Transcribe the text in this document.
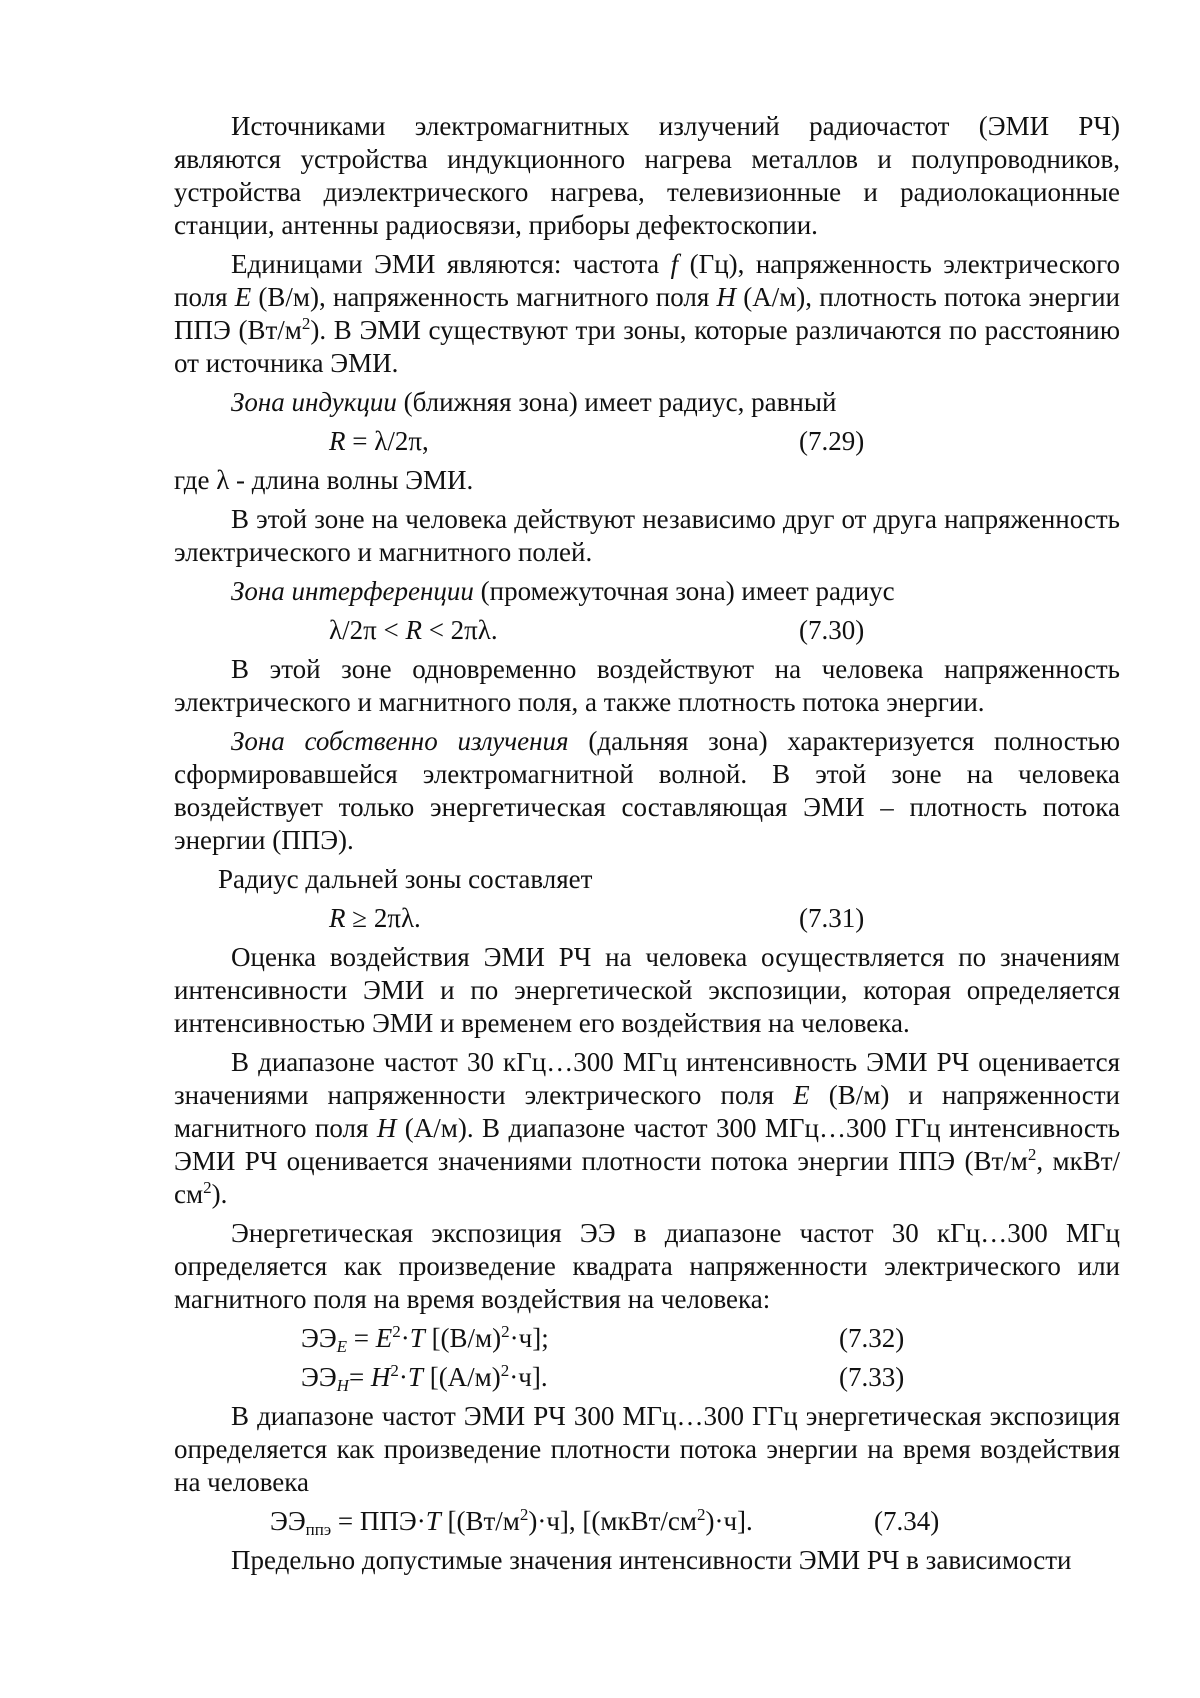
Источниками электромагнитных излучений радиочастот (ЭМИ РЧ) являются устройства индукционного нагрева металлов и полупроводников, устройства диэлектрического нагрева, телевизионные и радиолокационные станции, антенны радиосвязи, приборы дефектоскопии.

Единицами ЭМИ являются: частота f (Гц), напряженность электрического поля E (В/м), напряженность магнитного поля H (А/м), плотность потока энергии ППЭ $(Вт/м^2)$. В ЭМИ существуют три зоны, которые различаются по расстоянию от источника ЭМИ.

Зона индукции (ближняя зона) имеет радиус, равный

R = λ/2π,	(7.29)

где λ - длина волны ЭМИ.

В этой зоне на человека действуют независимо друг от друга напряженность электрического и магнитного полей.

Зона интерференции (промежуточная зона) имеет радиус

λ/2π < R < 2πλ.	(7.30)

В этой зоне одновременно воздействуют на человека напряженность электрического и магнитного поля, а также плотность потока энергии.

Зона собственно излучения (дальняя зона) характеризуется полностью сформировавшейся электромагнитной волной. В этой зоне на человека воздействует только энергетическая составляющая ЭМИ – плотность потока энергии (ППЭ).

Радиус дальней зоны составляет

R ≥ 2πλ.	(7.31)

Оценка воздействия ЭМИ РЧ на человека осуществляется по значениям интенсивности ЭМИ и по энергетической экспозиции, которая определяется интенсивностью ЭМИ и временем его воздействия на человека.

В диапазоне частот 30 кГц…300 МГц интенсивность ЭМИ РЧ оценивается значениями напряженности электрического поля E (В/м) и напряженности магнитного поля H (А/м). В диапазоне частот 300 МГц…300 ГГц интенсивность ЭМИ РЧ оценивается значениями плотности потока энергии ППЭ ($Вт/м^2$, мкВт/$см^2$).

Энергетическая экспозиция ЭЭ в диапазоне частот 30 кГц…300 МГц определяется как произведение квадрата напряженности электрического или магнитного поля на время воздействия на человека:

$ЭЭ_E = E^2\cdot T$ $[(В/м)^2\cdot ч]$;	(7.32)
$ЭЭ_H= H^2\cdot T$ $[(А/м)^2\cdot ч]$.	(7.33)

В диапазоне частот ЭМИ РЧ 300 МГц…300 ГГц энергетическая экспозиция определяется как произведение плотности потока энергии на время воздействия на человека

$ЭЭ_{ппэ} = ППЭ\cdot T$ $[(Вт/м^2)\cdot ч]$, $[(мкВт/см^2)\cdot ч]$.	(7.34)

Предельно допустимые значения интенсивности ЭМИ РЧ в зависимости
